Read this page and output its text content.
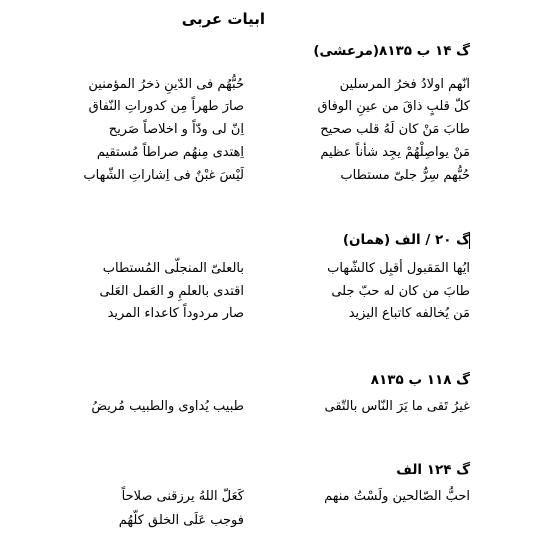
ابیات عربی
گ ۱۴ ب ۸۱۳۵(مرعشی)
انّهم اولادُ فخرُ المرسلین
حُبُّهُم فی الدّینِ ذخرُ المؤمنین
کلّ قلبٍ ذاقَ من عینِ الوفاق
صارَ طهراً مِن کدوراتِ النّفاق
طابَ مَنْ کان لَهُ قلب صحیح
اِنّ لی ودّاً و اخلاصاً صَریح
مَنْ یواصِلْهُمْ یجِد شأناً عظیم
اِهتدی مِنهُم صراطاً مُستقیم
حُبُّهم سِرٌّ جلیّ مستطاب
لَیْسَ غبْنٌ فی اِشاراتِ الشّهاب
گ ۲۰ / الف (همان)
ایُها المَقبول أقبِل کالشّهاب
بالعلیّ المنجلّی المُستطاب
طابَ من کان له حبّ جلی
اقتدی بالعلمِ و العَمل العَلی
مَن یُخالفه کاتباع الیزید
صار مردوداً کاعداء المرید
گ ۱۱۸ ب ۸۱۳۵
غیرُ تَقی ما یَرَ النّاس بالتّقی
طبیب یُداوی والطبیب مُریضُ
گ ۱۲۴ الف
احبُّ الصّالحین ولَسْتُ منهم
کَعَلّ اللهُ یرزقنی صلاحاً
فوجب عَلَی الخلق کلّهُم
